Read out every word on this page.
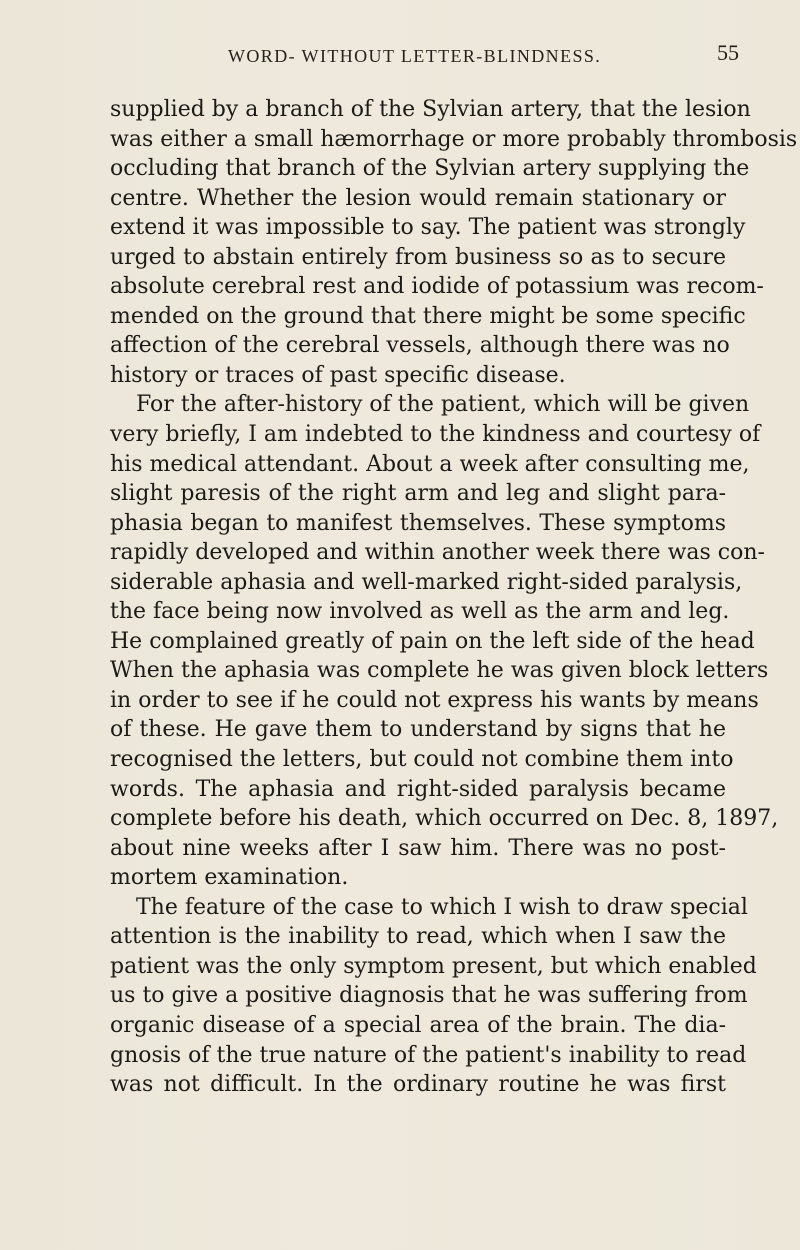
WORD- WITHOUT LETTER-BLINDNESS.	55
supplied by a branch of the Sylvian artery, that the lesion
was either a small hæmorrhage or more probably thrombosis
occluding that branch of the Sylvian artery supplying the
centre. Whether the lesion would remain stationary or
extend it was impossible to say. The patient was strongly
urged to abstain entirely from business so as to secure
absolute cerebral rest and iodide of potassium was recom-
mended on the ground that there might be some specific
affection of the cerebral vessels, although there was no
history or traces of past specific disease.
For the after-history of the patient, which will be given
very briefly, I am indebted to the kindness and courtesy of
his medical attendant. About a week after consulting me,
slight paresis of the right arm and leg and slight para-
phasia began to manifest themselves. These symptoms
rapidly developed and within another week there was con-
siderable aphasia and well-marked right-sided paralysis,
the face being now involved as well as the arm and leg.
He complained greatly of pain on the left side of the head
When the aphasia was complete he was given block letters
in order to see if he could not express his wants by means
of these. He gave them to understand by signs that he
recognised the letters, but could not combine them into
words. The aphasia and right-sided paralysis became
complete before his death, which occurred on Dec. 8, 1897,
about nine weeks after I saw him. There was no post-
mortem examination.
The feature of the case to which I wish to draw special
attention is the inability to read, which when I saw the
patient was the only symptom present, but which enabled
us to give a positive diagnosis that he was suffering from
organic disease of a special area of the brain. The dia-
gnosis of the true nature of the patient's inability to read
was not difficult. In the ordinary routine he was first
